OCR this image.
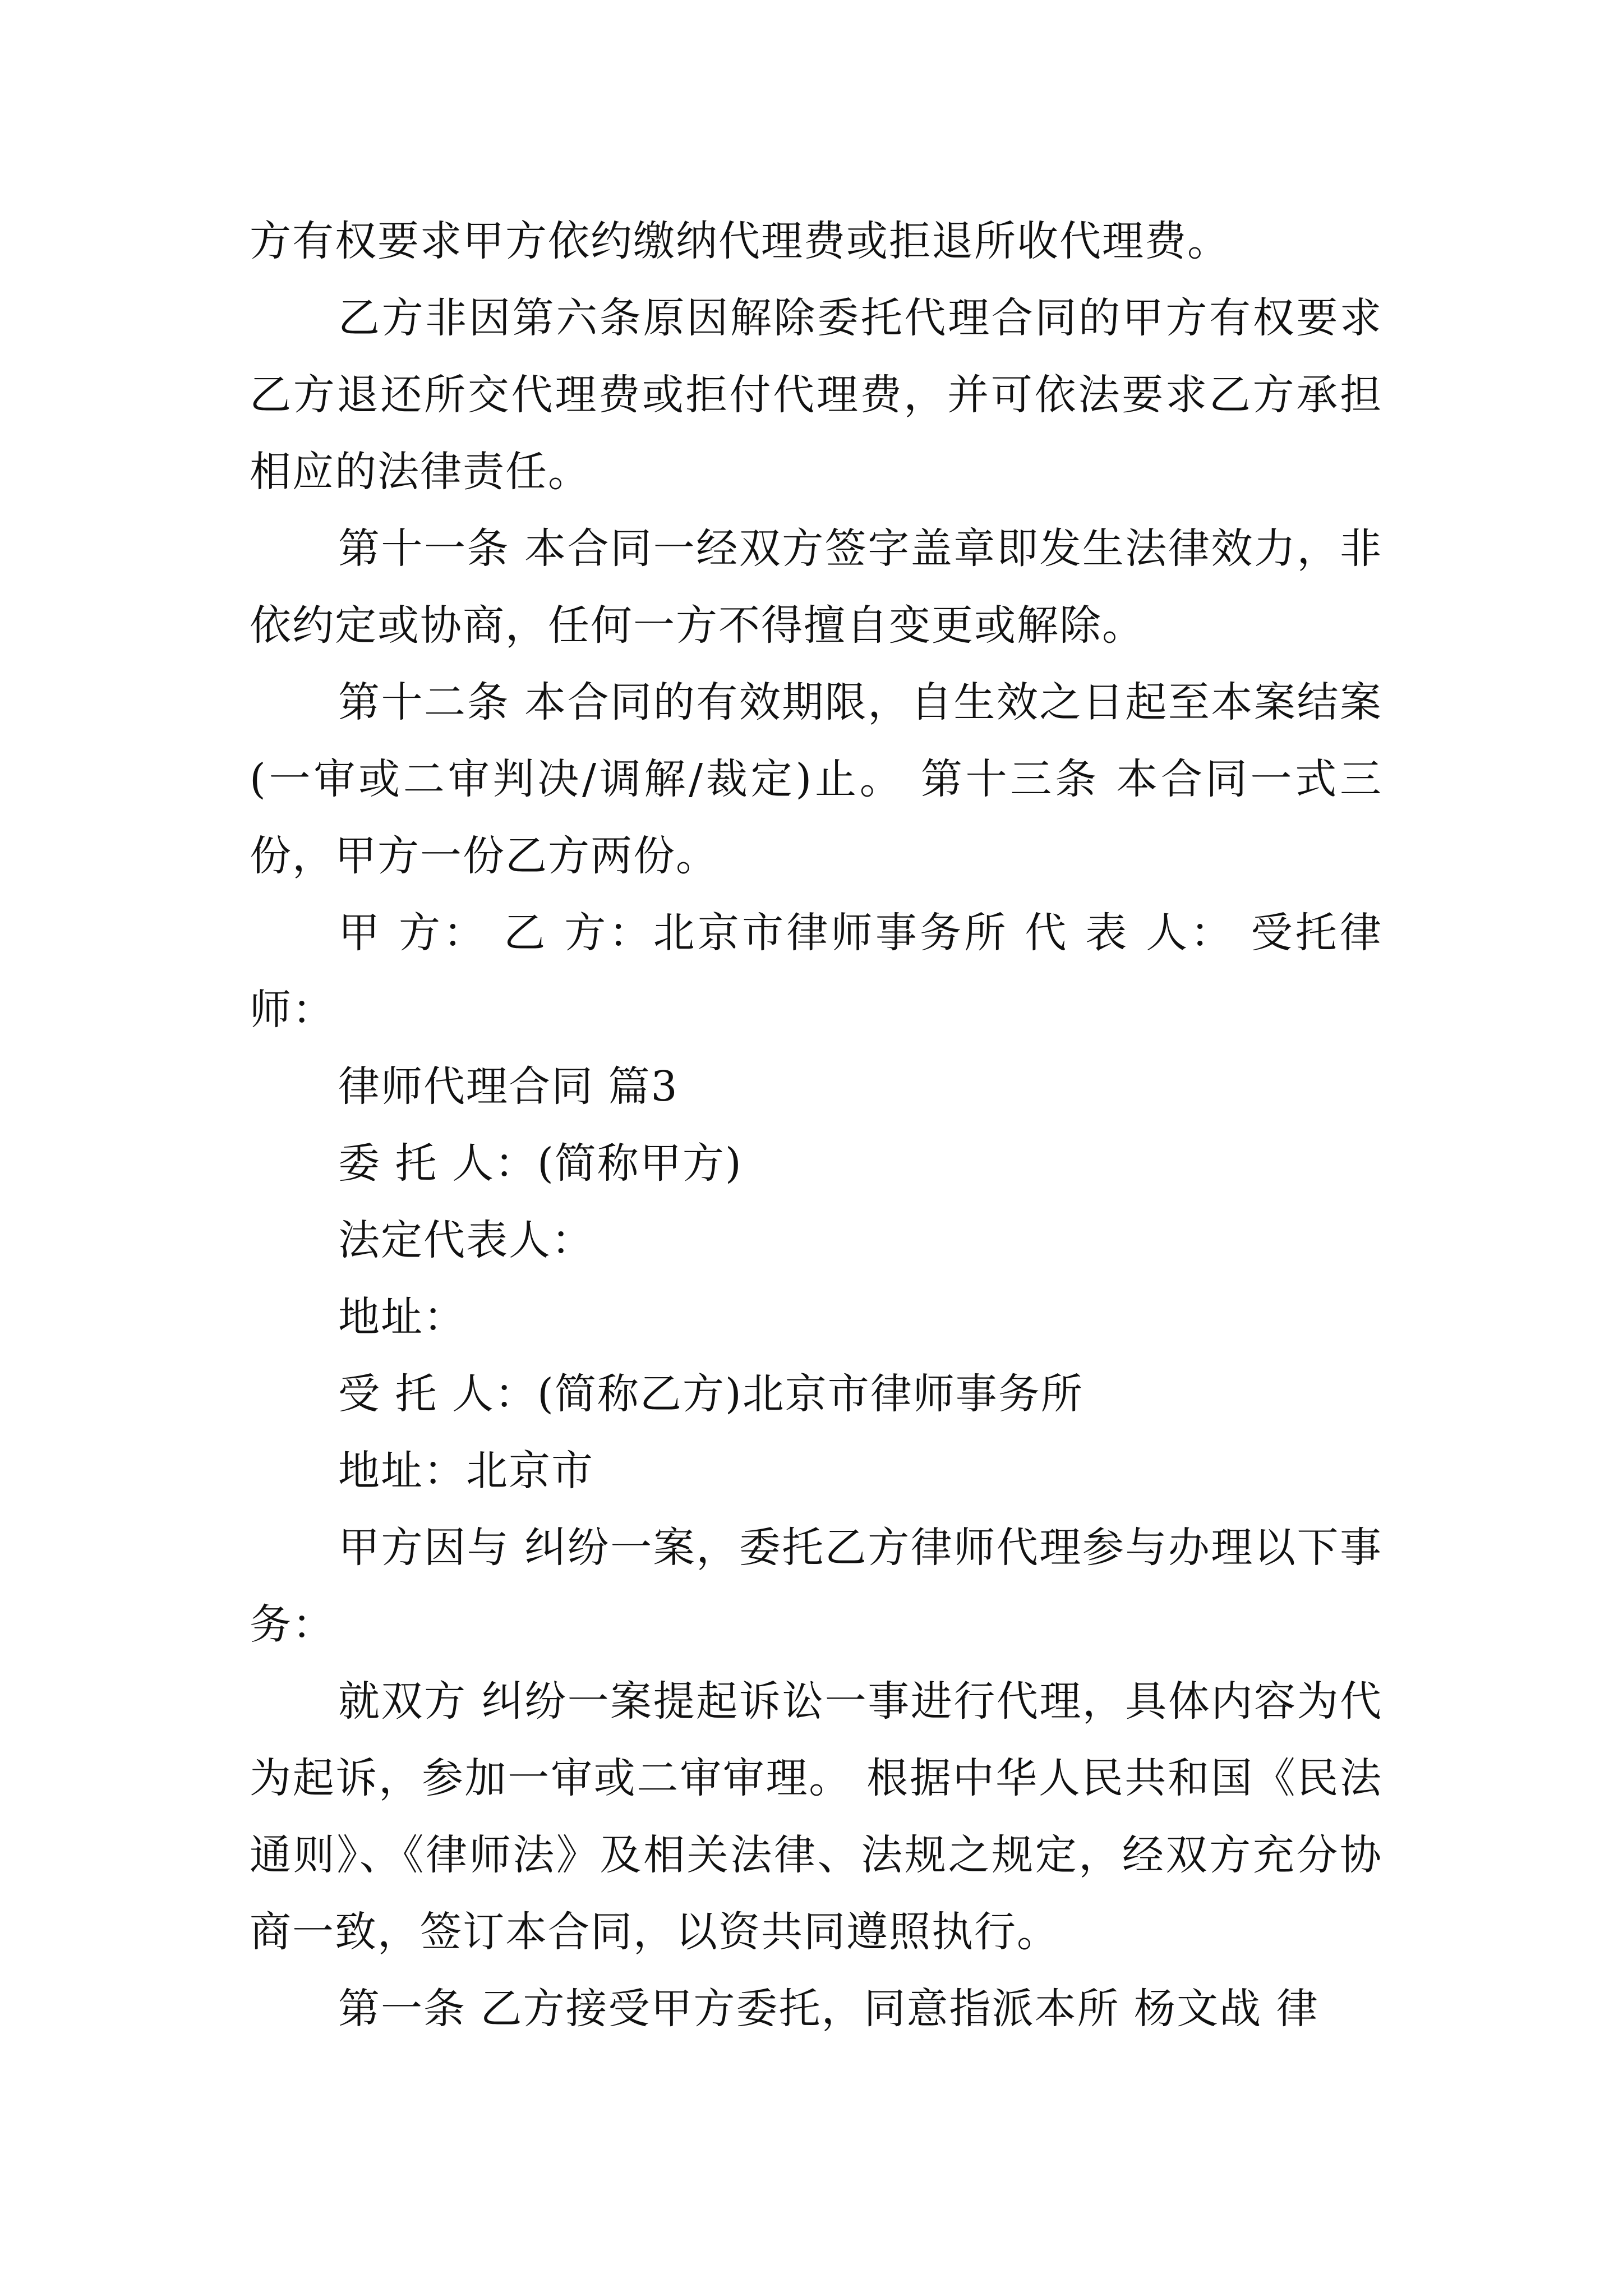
方有权要求甲方依约缴纳代理费或拒退所收代理费。

乙方非因第六条原因解除委托代理合同的甲方有权要求乙方退还所交代理费或拒付代理费，并可依法要求乙方承担相应的法律责任。

第十一条 本合同一经双方签字盖章即发生法律效力，非依约定或协商，任何一方不得擅自变更或解除。

第十二条 本合同的有效期限，自生效之日起至本案结案(一审或二审判决/调解/裁定)止。 第十三条 本合同一式三份，甲方一份乙方两份。

甲 方： 乙 方：北京市律师事务所 代 表 人： 受托律师：

律师代理合同 篇3

委 托 人：(简称甲方)

法定代表人：

地址：

受 托 人：(简称乙方)北京市律师事务所

地址：北京市

甲方因与 纠纷一案，委托乙方律师代理参与办理以下事务：

就双方 纠纷一案提起诉讼一事进行代理，具体内容为代为起诉，参加一审或二审审理。 根据中华人民共和国《民法通则》、《律师法》及相关法律、法规之规定，经双方充分协商一致，签订本合同，以资共同遵照执行。

第一条 乙方接受甲方委托，同意指派本所 杨文战 律
